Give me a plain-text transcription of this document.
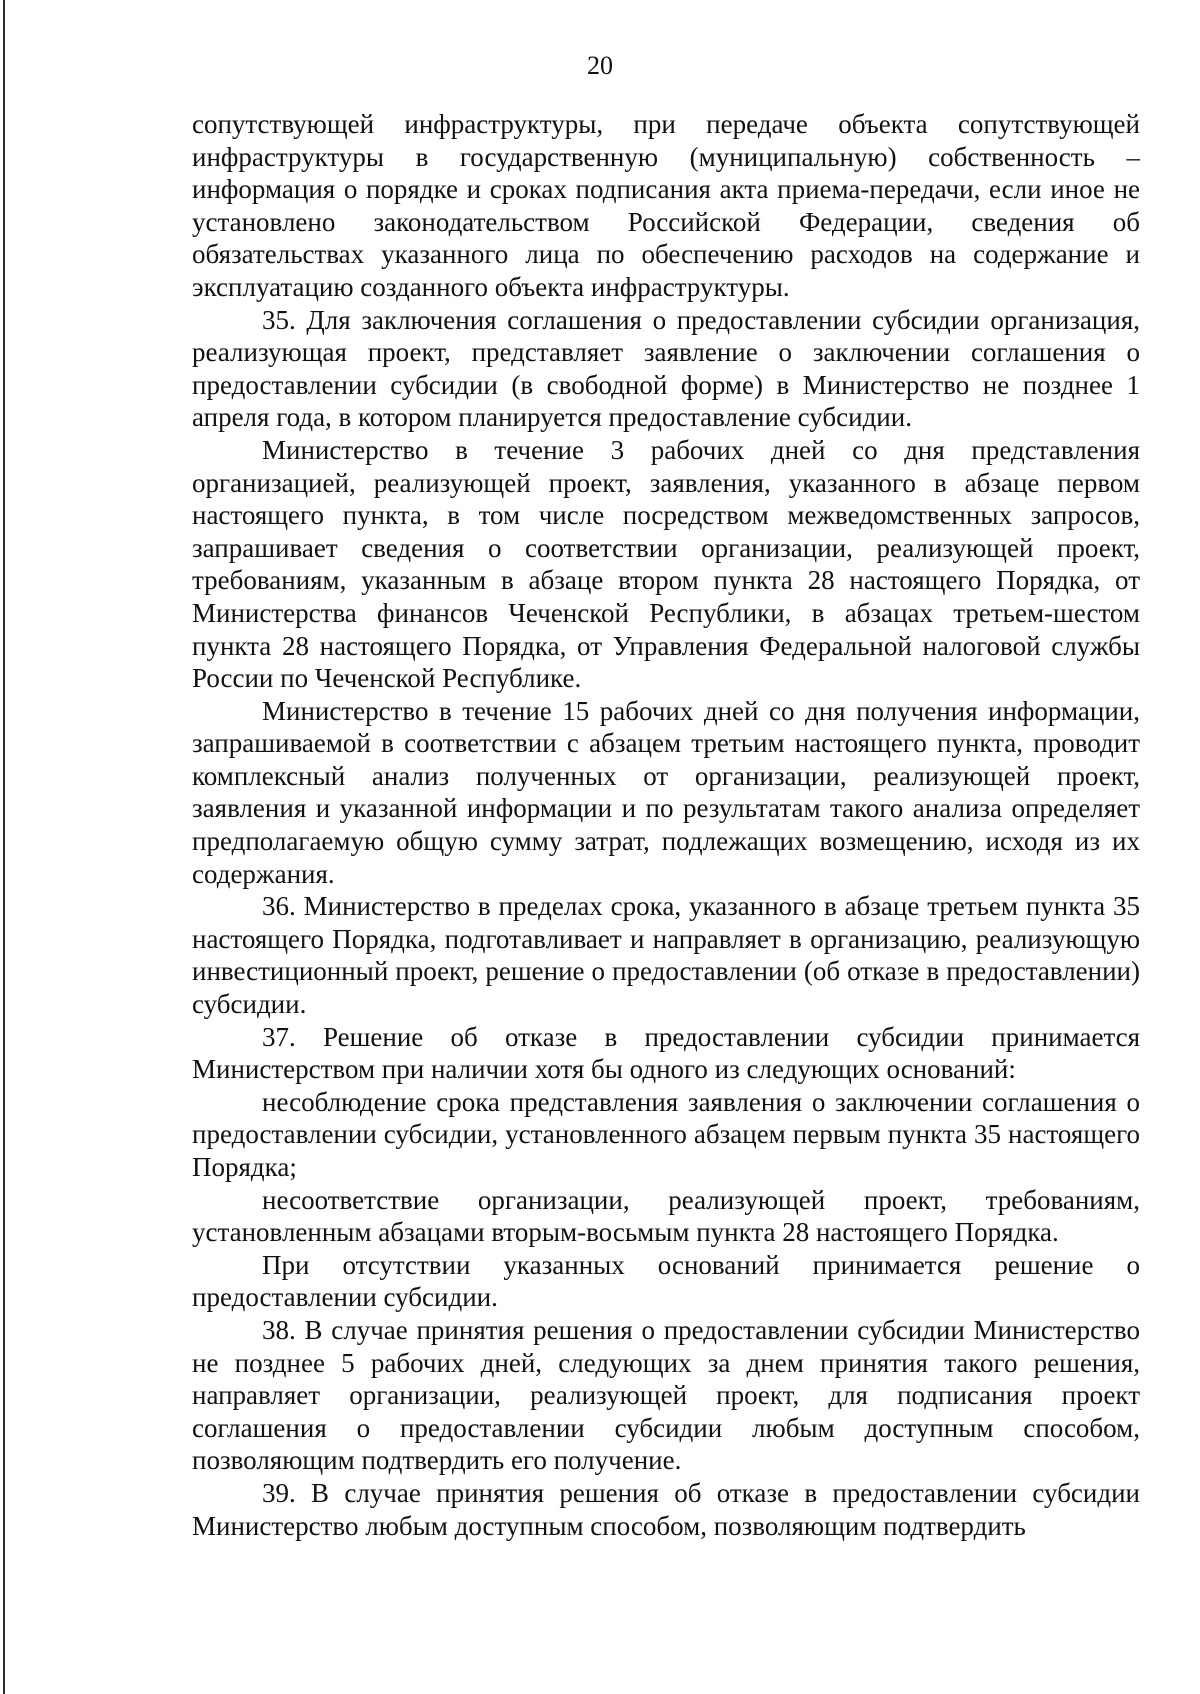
20

сопутствующей инфраструктуры, при передаче объекта сопутствующей инфраструктуры в государственную (муниципальную) собственность – информация о порядке и сроках подписания акта приема-передачи, если иное не установлено законодательством Российской Федерации, сведения об обязательствах указанного лица по обеспечению расходов на содержание и эксплуатацию созданного объекта инфраструктуры.

35. Для заключения соглашения о предоставлении субсидии организация, реализующая проект, представляет заявление о заключении соглашения о предоставлении субсидии (в свободной форме) в Министерство не позднее 1 апреля года, в котором планируется предоставление субсидии.

Министерство в течение 3 рабочих дней со дня представления организацией, реализующей проект, заявления, указанного в абзаце первом настоящего пункта, в том числе посредством межведомственных запросов, запрашивает сведения о соответствии организации, реализующей проект, требованиям, указанным в абзаце втором пункта 28 настоящего Порядка, от Министерства финансов Чеченской Республики, в абзацах третьем-шестом пункта 28 настоящего Порядка, от Управления Федеральной налоговой службы России по Чеченской Республике.

Министерство в течение 15 рабочих дней со дня получения информации, запрашиваемой в соответствии с абзацем третьим настоящего пункта, проводит комплексный анализ полученных от организации, реализующей проект, заявления и указанной информации и по результатам такого анализа определяет предполагаемую общую сумму затрат, подлежащих возмещению, исходя из их содержания.

36. Министерство в пределах срока, указанного в абзаце третьем пункта 35 настоящего Порядка, подготавливает и направляет в организацию, реализующую инвестиционный проект, решение о предоставлении (об отказе в предоставлении) субсидии.

37. Решение об отказе в предоставлении субсидии принимается Министерством при наличии хотя бы одного из следующих оснований:

несоблюдение срока представления заявления о заключении соглашения о предоставлении субсидии, установленного абзацем первым пункта 35 настоящего Порядка;

несоответствие организации, реализующей проект, требованиям, установленным абзацами вторым-восьмым пункта 28 настоящего Порядка.

При отсутствии указанных оснований принимается решение о предоставлении субсидии.

38. В случае принятия решения о предоставлении субсидии Министерство не позднее 5 рабочих дней, следующих за днем принятия такого решения, направляет организации, реализующей проект, для подписания проект соглашения о предоставлении субсидии любым доступным способом, позволяющим подтвердить его получение.

39. В случае принятия решения об отказе в предоставлении субсидии Министерство любым доступным способом, позволяющим подтвердить
